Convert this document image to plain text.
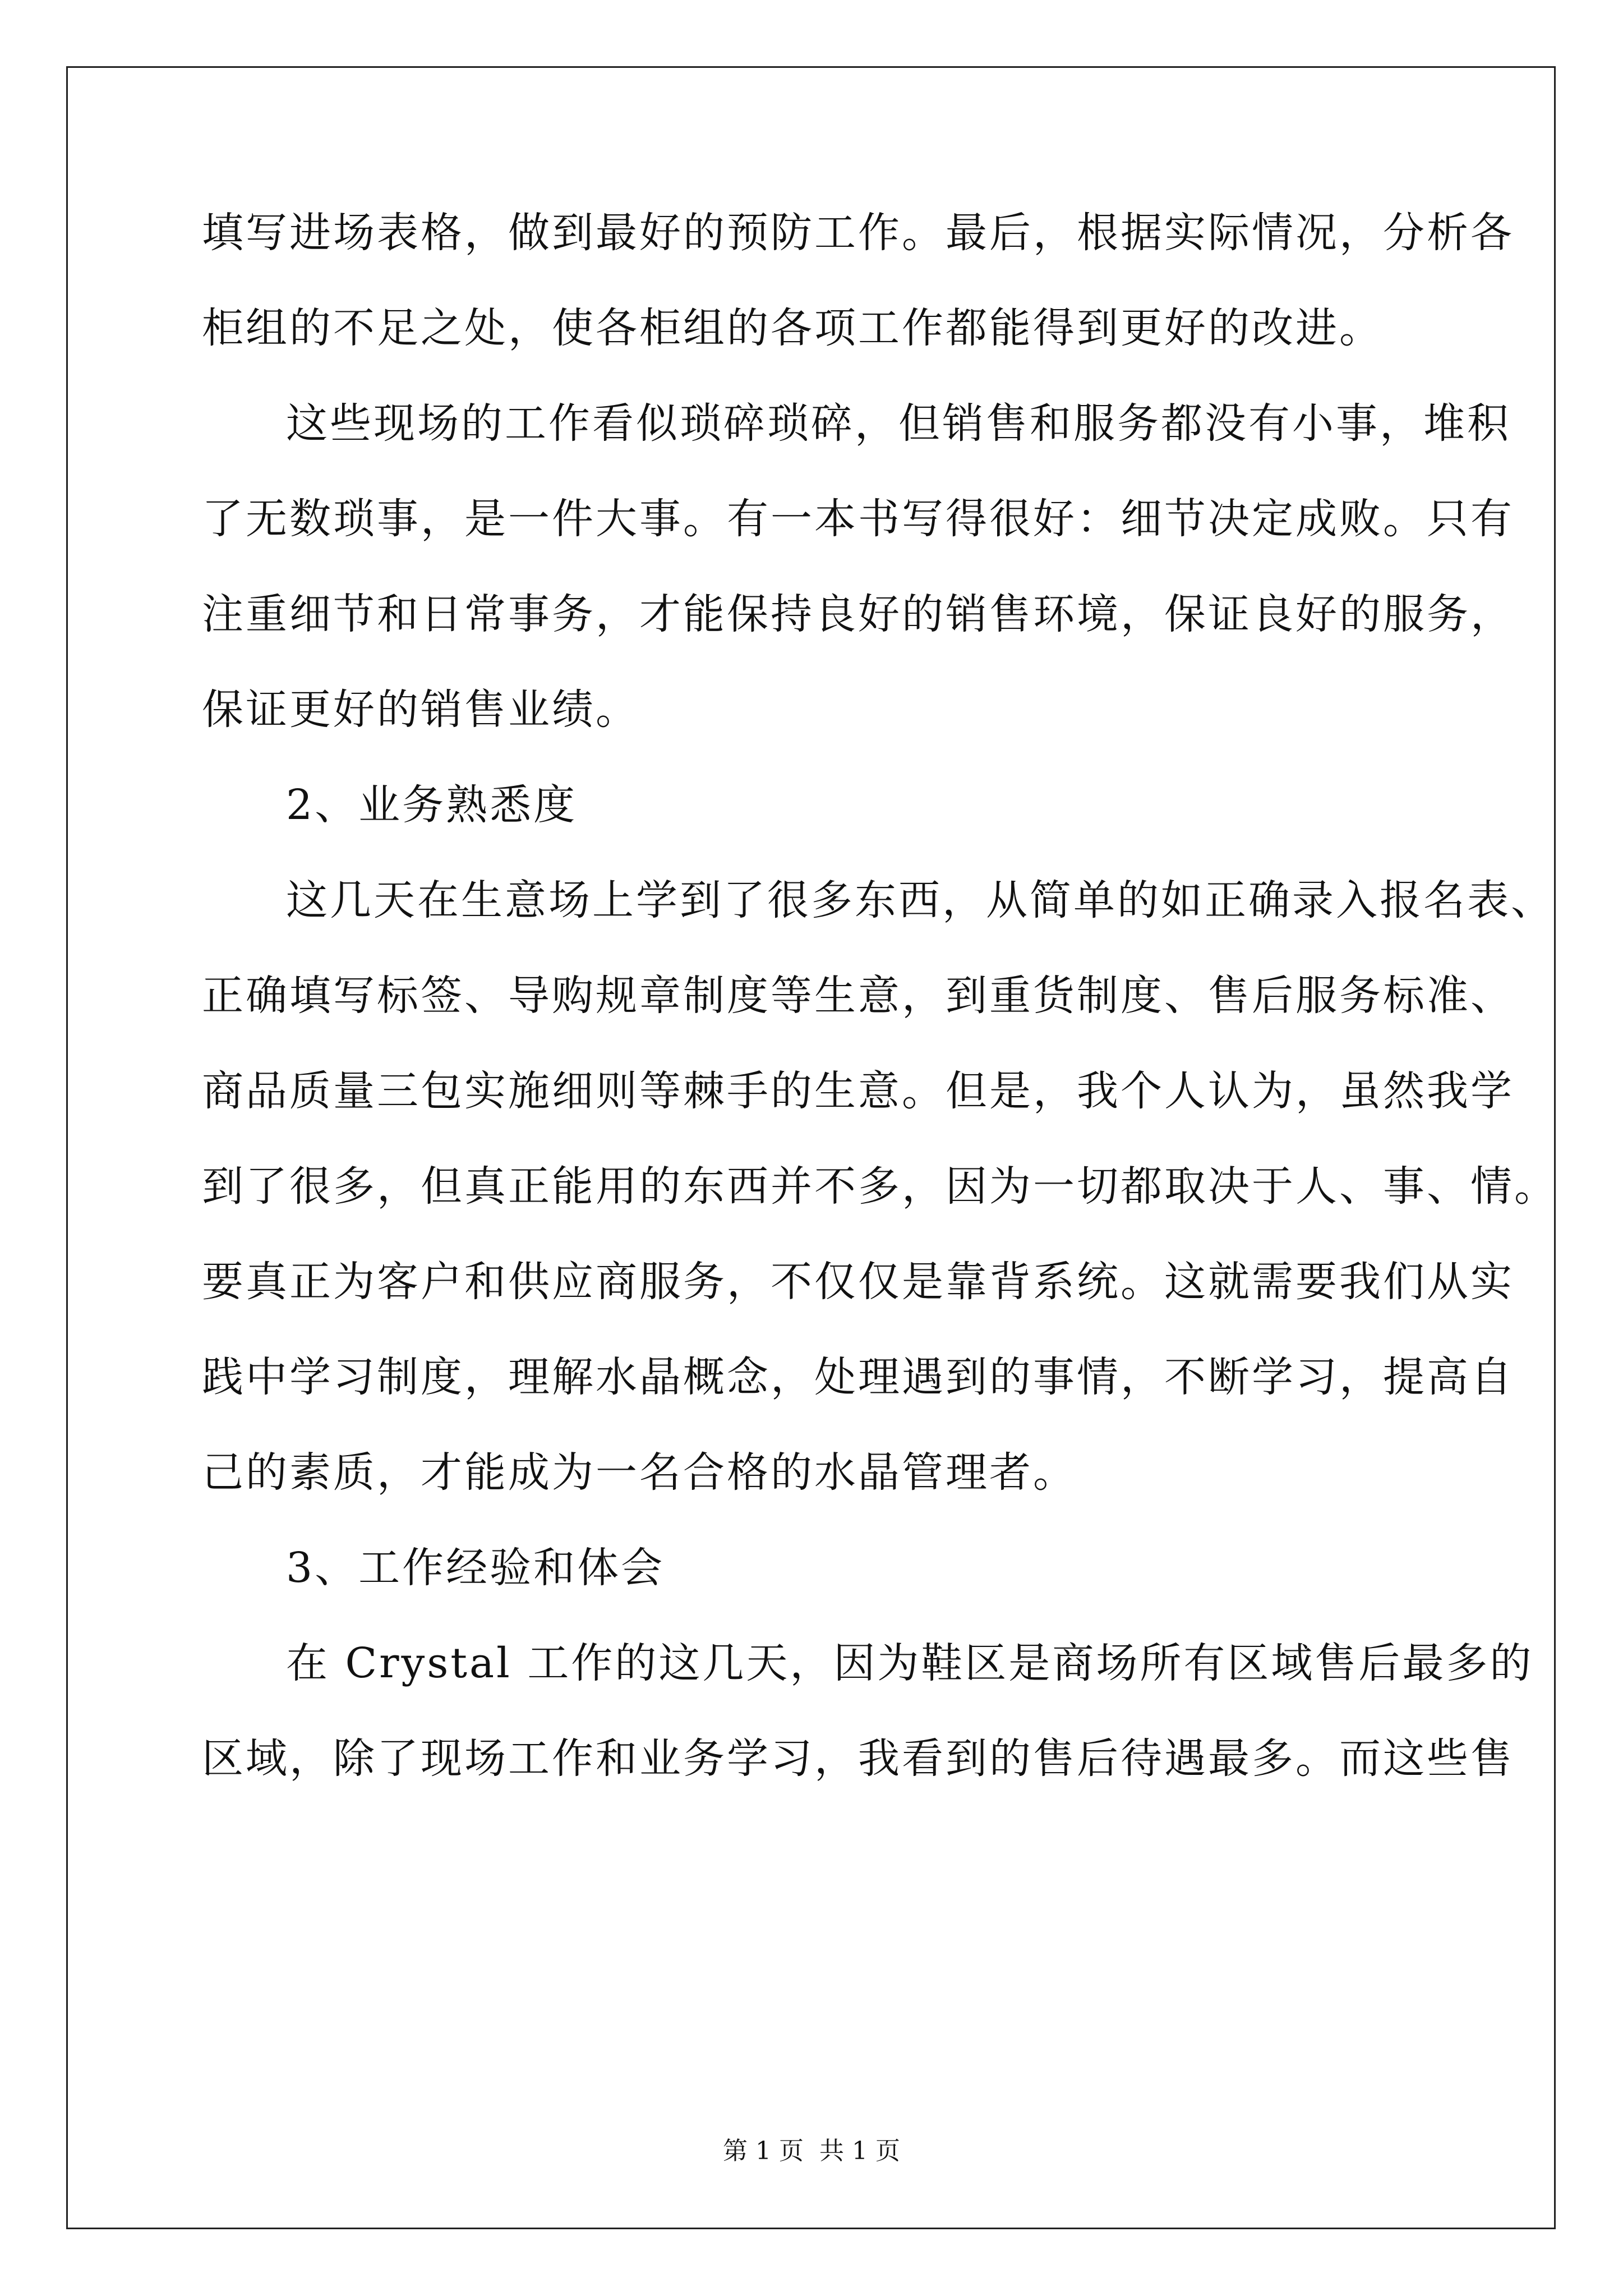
填写进场表格，做到最好的预防工作。最后，根据实际情况，分析各
柜组的不足之处，使各柜组的各项工作都能得到更好的改进。
这些现场的工作看似琐碎琐碎，但销售和服务都没有小事，堆积
了无数琐事，是一件大事。有一本书写得很好：细节决定成败。只有
注重细节和日常事务，才能保持良好的销售环境，保证良好的服务，
保证更好的销售业绩。
2、业务熟悉度
这几天在生意场上学到了很多东西，从简单的如正确录入报名表、
正确填写标签、导购规章制度等生意，到重货制度、售后服务标准、
商品质量三包实施细则等棘手的生意。但是，我个人认为，虽然我学
到了很多，但真正能用的东西并不多，因为一切都取决于人、事、情。
要真正为客户和供应商服务，不仅仅是靠背系统。这就需要我们从实
践中学习制度，理解水晶概念，处理遇到的事情，不断学习，提高自
己的素质，才能成为一名合格的水晶管理者。
3、工作经验和体会
在 Crystal 工作的这几天，因为鞋区是商场所有区域售后最多的
区域，除了现场工作和业务学习，我看到的售后待遇最多。而这些售
第 1 页 共 1 页
